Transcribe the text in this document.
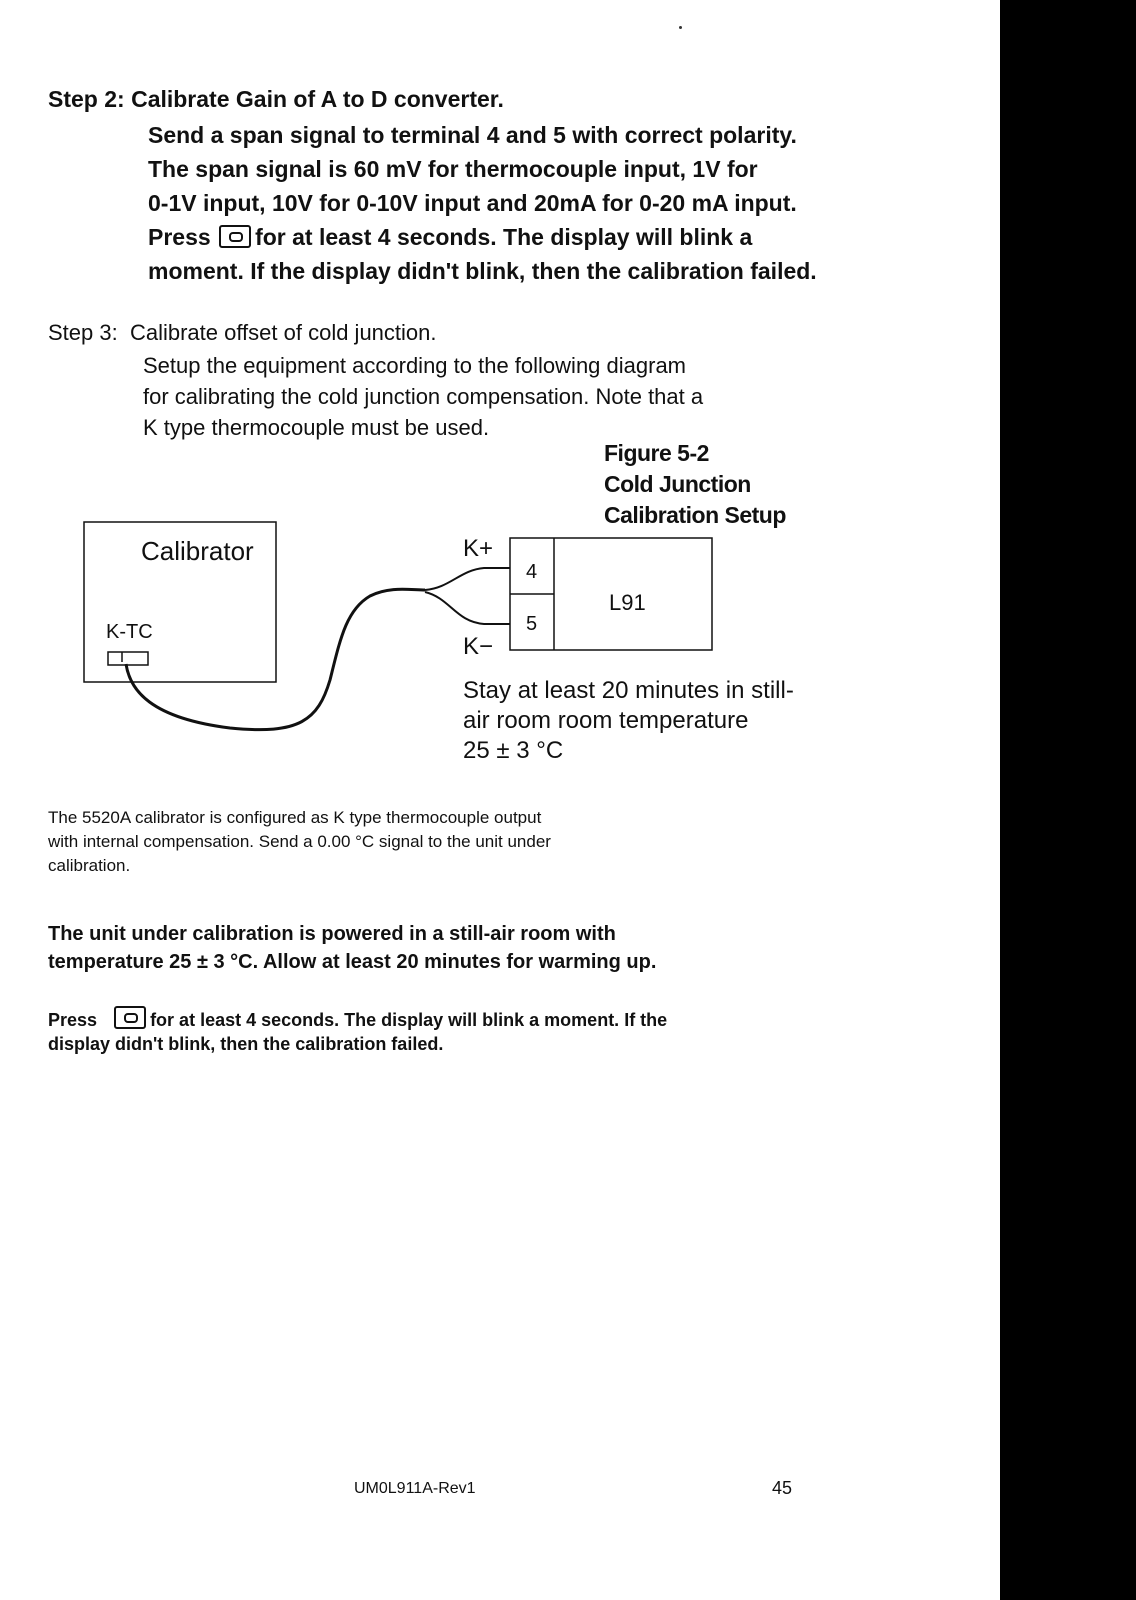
Step 2: Calibrate Gain of A to D converter.

Send a span signal to terminal 4 and 5 with correct polarity.

The span signal is 60 mV for thermocouple input, 1V for

0-1V input, 10V for 0-10V input and 20mA for 0-20 mA input.

Press for at least 4 seconds. The display will blink a

moment. If the display didn't blink, then the calibration failed.

Step 3: Calibrate offset of cold junction.

Setup the equipment according to the following diagram

for calibrating the cold junction compensation. Note that a

K type thermocouple must be used.

Figure 5-2

Cold Junction

Calibration Setup

Calibrator
K-TC
4
5
L91
K+
K−

Stay at least 20 minutes in still-

air room room temperature

25 ± 3 °C

The 5520A calibrator is configured as K type thermocouple output

with internal compensation. Send a 0.00 °C signal to the unit under

calibration.

The unit under calibration is powered in a still-air room with

temperature 25 ± 3 °C. Allow at least 20 minutes for warming up.

Press	for at least 4 seconds. The display will blink a moment. If the

display didn't blink, then the calibration failed.

UM0L911A-Rev1	45
